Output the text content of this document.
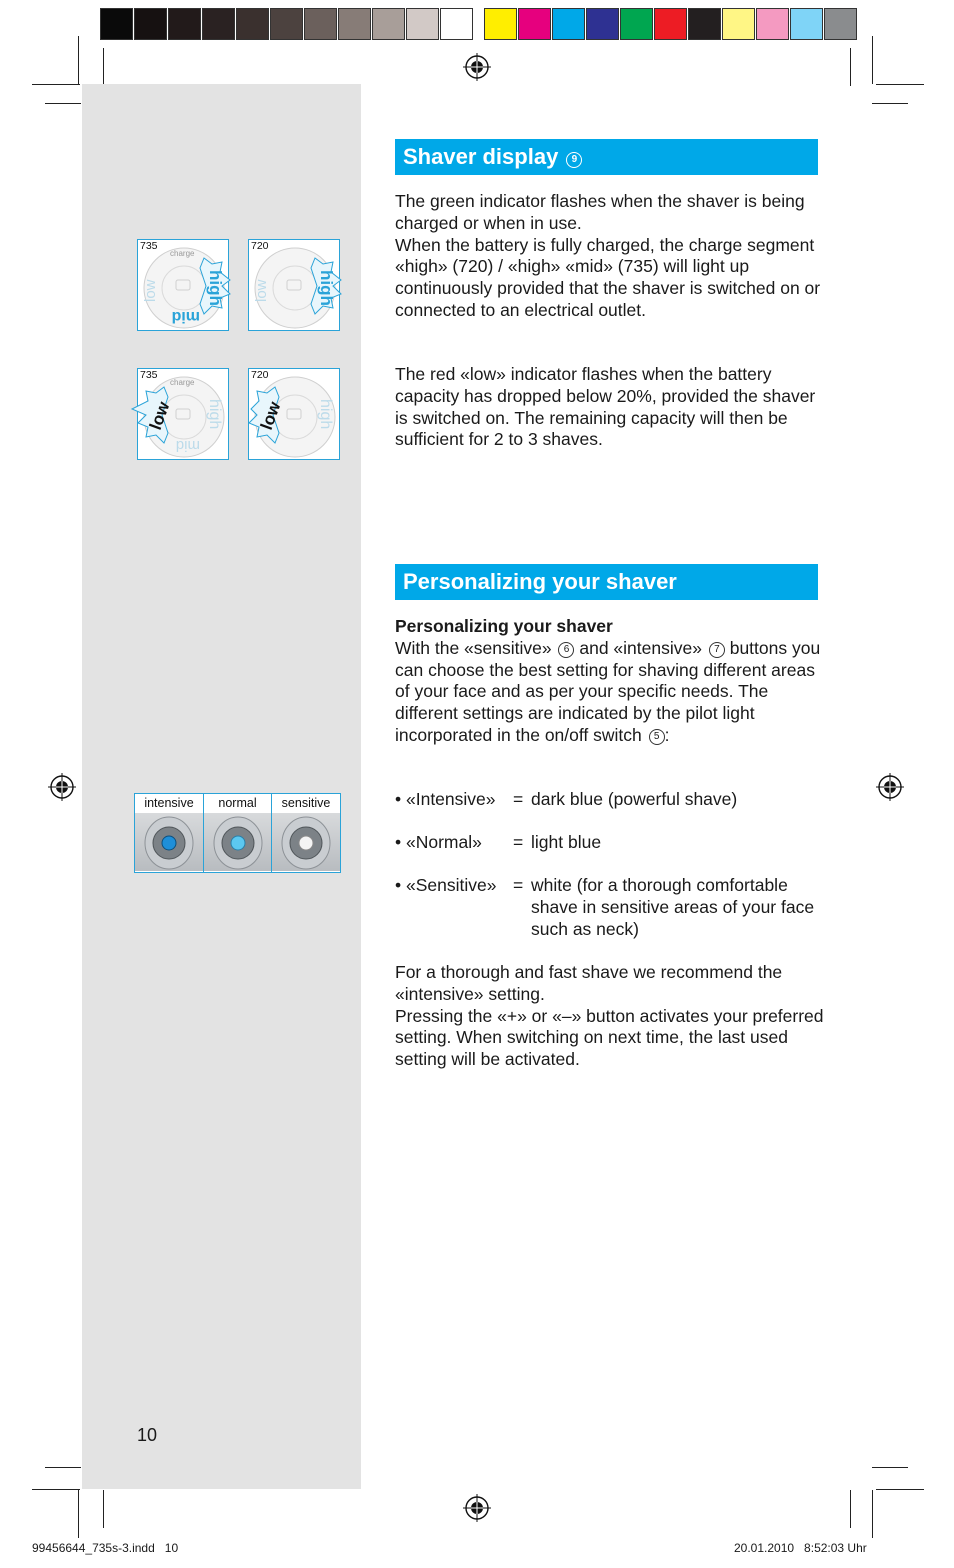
735
charge
low	high
mid
720
low	high
735
charge
low high
mid
720
low high
intensive	normal	sensitive
Shaver display 9

The green indicator flashes when the shaver is being charged or when in use.

When the battery is fully charged, the charge segment «high» (720) / «high» «mid» (735) will light up continuously provided that the shaver is switched on or connected to an electrical outlet.

The red «low» indicator flashes when the battery capacity has dropped below 20%, provided the shaver is switched on. The remaining capacity will then be sufficient for 2 to 3 shaves.

Personalizing your shaver

Personalizing your shaver

With the «sensitive» 6 and «intensive» 7 buttons you can choose the best setting for shaving different areas of your face and as per your specific needs. The different settings are indicated by the pilot light incorporated in the on/off switch 5 :

• «Intensive» = dark blue (powerful shave)
• «Normal» = light blue
• «Sensitive» = white (for a thorough comfortable shave in sensitive areas of your face such as neck)

For a thorough and fast shave we recommend the «intensive» setting.

Pressing the «+» or «–» button activates your preferred setting. When switching on next time, the last used setting will be activated.

10
99456644_735s-3.indd   10	20.01.2010   8:52:03 Uhr
